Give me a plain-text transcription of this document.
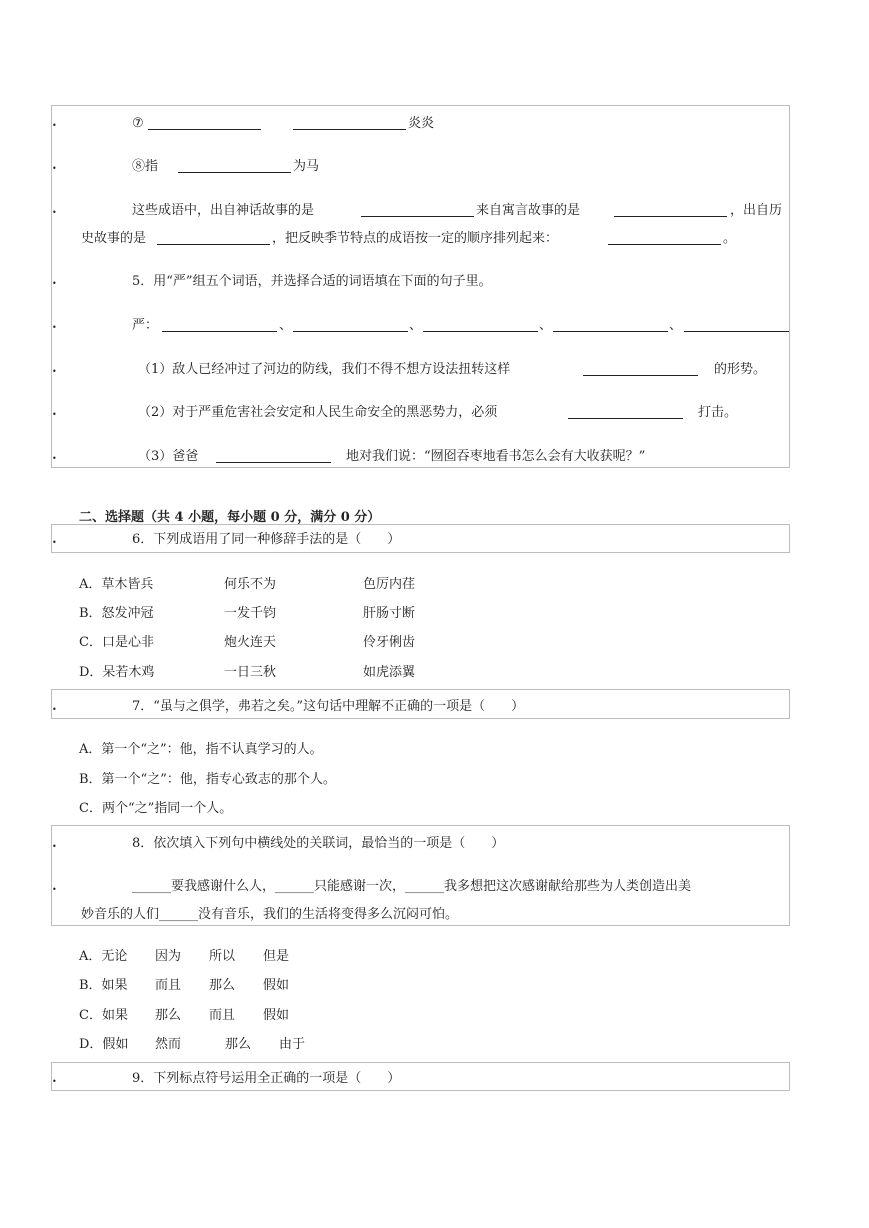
•	⑦	炎炎
•	⑧指	为马
•	这些成语中，出自神话故事的是	来自寓言故事的是	，出自历
史故事的是	，把反映季节特点的成语按一定的顺序排列起来：	。
•	5．用“严”组五个词语，并选择合适的词语填在下面的句子里。
•	严：	、	、	、	、
•	（1）敌人已经冲过了河边的防线，我们不得不想方设法扭转这样	的形势。
•	（2）对于严重危害社会安定和人民生命安全的黑恶势力，必须	打击。
•	（3）爸爸	地对我们说：“囫囵吞枣地看书怎么会有大收获呢？”
二、选择题（共 4 小题，每小题 0 分，满分 0 分）
•	6．下列成语用了同一种修辞手法的是（　　）
A．草木皆兵	何乐不为	色厉内荏
B．怒发冲冠	一发千钧	肝肠寸断
C．口是心非	炮火连天	伶牙俐齿
D．呆若木鸡	一日三秋	如虎添翼
•	7．“虽与之俱学，弗若之矣。”这句话中理解不正确的一项是（　　）
A．第一个“之”：他，指不认真学习的人。
B．第一个“之”：他，指专心致志的那个人。
C．两个“之”指同一个人。
•	8．依次填入下列句中横线处的关联词，最恰当的一项是（　　）
•	______要我感谢什么人，______只能感谢一次，______我多想把这次感谢献给那些为人类创造出美
妙音乐的人们______没有音乐，我们的生活将变得多么沉闷可怕。
A．无论 因为 所以 但是
B．如果 而且 那么 假如
C．如果 那么 而且 假如
D．假如 然而	那么 由于
•	9．下列标点符号运用全正确的一项是（　　）
